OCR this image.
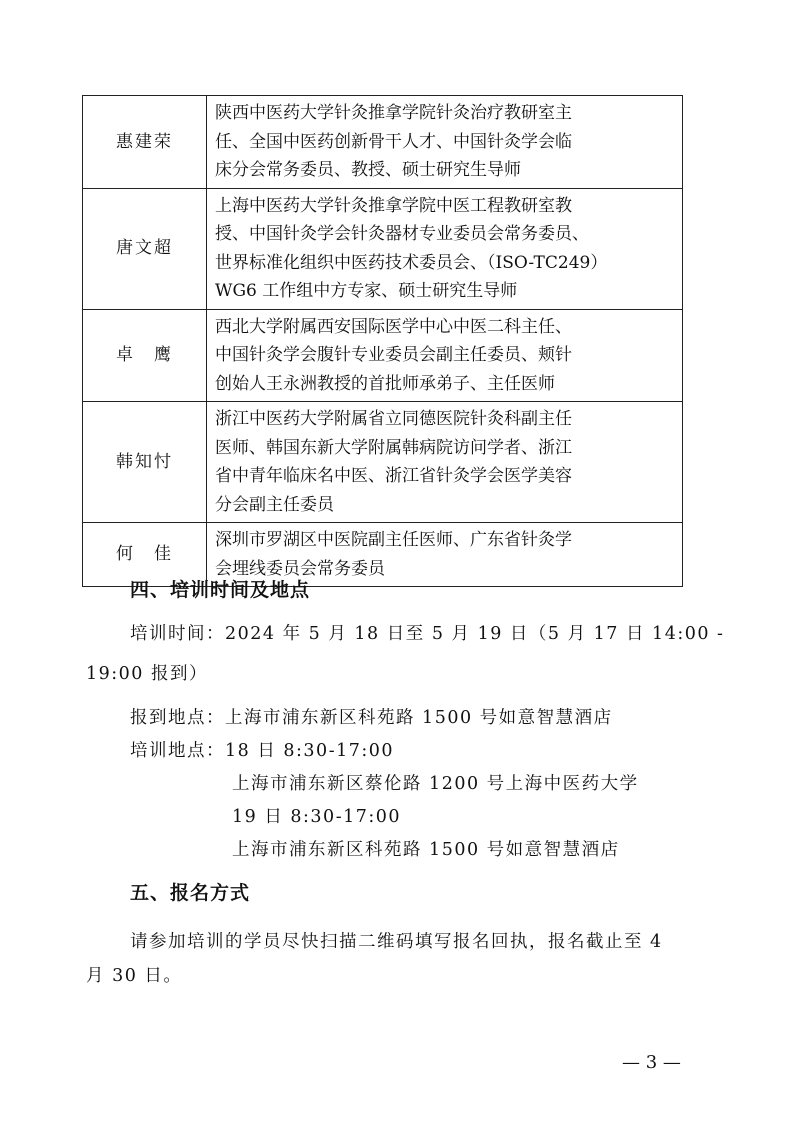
惠建荣	陕西中医药大学针灸推拿学院针灸治疗教研室主
任、全国中医药创新骨干人才、中国针灸学会临
床分会常务委员、教授、硕士研究生导师

唐文超	上海中医药大学针灸推拿学院中医工程教研室教
授、中国针灸学会针灸器材专业委员会常务委员、
世界标准化组织中医药技术委员会、（ISO-TC249）
WG6 工作组中方专家、硕士研究生导师

卓　鹰	西北大学附属西安国际医学中心中医二科主任、
中国针灸学会腹针专业委员会副主任委员、颊针
创始人王永洲教授的首批师承弟子、主任医师

韩知忖	浙江中医药大学附属省立同德医院针灸科副主任
医师、韩国东新大学附属韩病院访问学者、浙江
省中青年临床名中医、浙江省针灸学会医学美容
分会副主任委员

何　佳	深圳市罗湖区中医院副主任医师、广东省针灸学
会埋线委员会常务委员
四、培训时间及地点
培训时间：2024 年 5 月 18 日至 5 月 19 日（5 月 17 日 14:00 -
19:00 报到）
报到地点：上海市浦东新区科苑路 1500 号如意智慧酒店
培训地点：18 日 8:30-17:00
上海市浦东新区蔡伦路 1200 号上海中医药大学
19 日 8:30-17:00
上海市浦东新区科苑路 1500 号如意智慧酒店
五、报名方式
请参加培训的学员尽快扫描二维码填写报名回执，报名截止至 4
月 30 日。
— 3 —
